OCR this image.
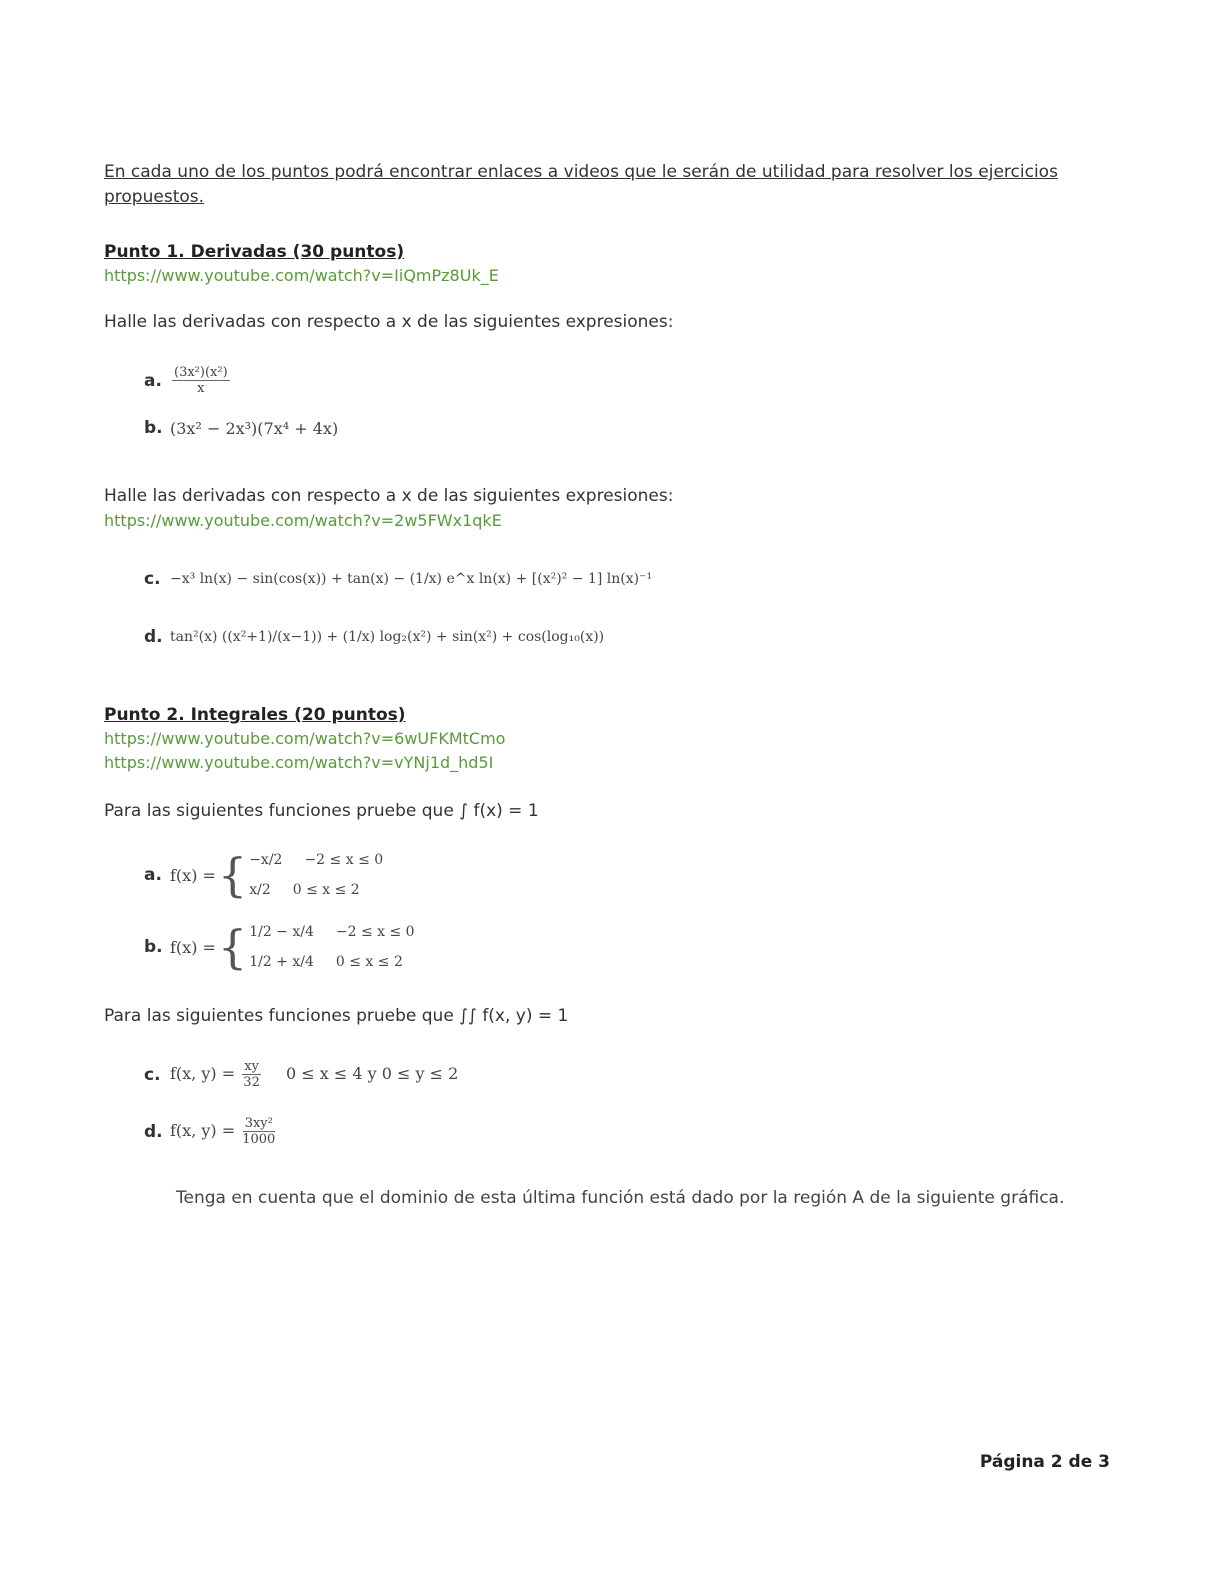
En cada uno de los puntos podrá encontrar enlaces a videos que le serán de utilidad para resolver los ejercicios propuestos.

Punto 1. Derivadas (30 puntos)

https://www.youtube.com/watch?v=IiQmPz8Uk_E

Halle las derivadas con respecto a x de las siguientes expresiones:

a. $\frac{\text{(3x²)(x²)}}{x}$
b. (3x² − 2x³)(7x⁴ + 4x)

Halle las derivadas con respecto a x de las siguientes expresiones:

https://www.youtube.com/watch?v=2w5FWx1qkE
c. −x³ ln(x) − sin(cos(x)) + tan(x) − (1/x) e^x ln(x) + [(x²)² − 1] ln(x)⁻¹
d. tan²(x) ((x²+1)/(x−1)) + (1/x) log₂(x²) + sin(x²) + cos(log₁₀(x))

Punto 2. Integrales (20 puntos)

https://www.youtube.com/watch?v=6wUFKMtCmo
https://www.youtube.com/watch?v=vYNj1d_hd5I

Para las siguientes funciones pruebe que ∫ f(x) = 1

a. f(x) = { −x/2 −2 ≤ x ≤ 0
x/2 0 ≤ x ≤ 2
b. f(x) = { 1/2 − x/4 −2 ≤ x ≤ 0
1/2 + x/4 0 ≤ x ≤ 2

Para las siguientes funciones pruebe que ∫∫ f(x, y) = 1

c. f(x, $y) = \frac{xy}{32} 0 \le x \le 4$ y 0 ≤ y ≤ 2
d. f(x, $y) = \frac{\text{3xy²}}{1000}$

Tenga en cuenta que el dominio de esta última función está dado por la región A de la siguiente gráfica.

Página 2 de 3
